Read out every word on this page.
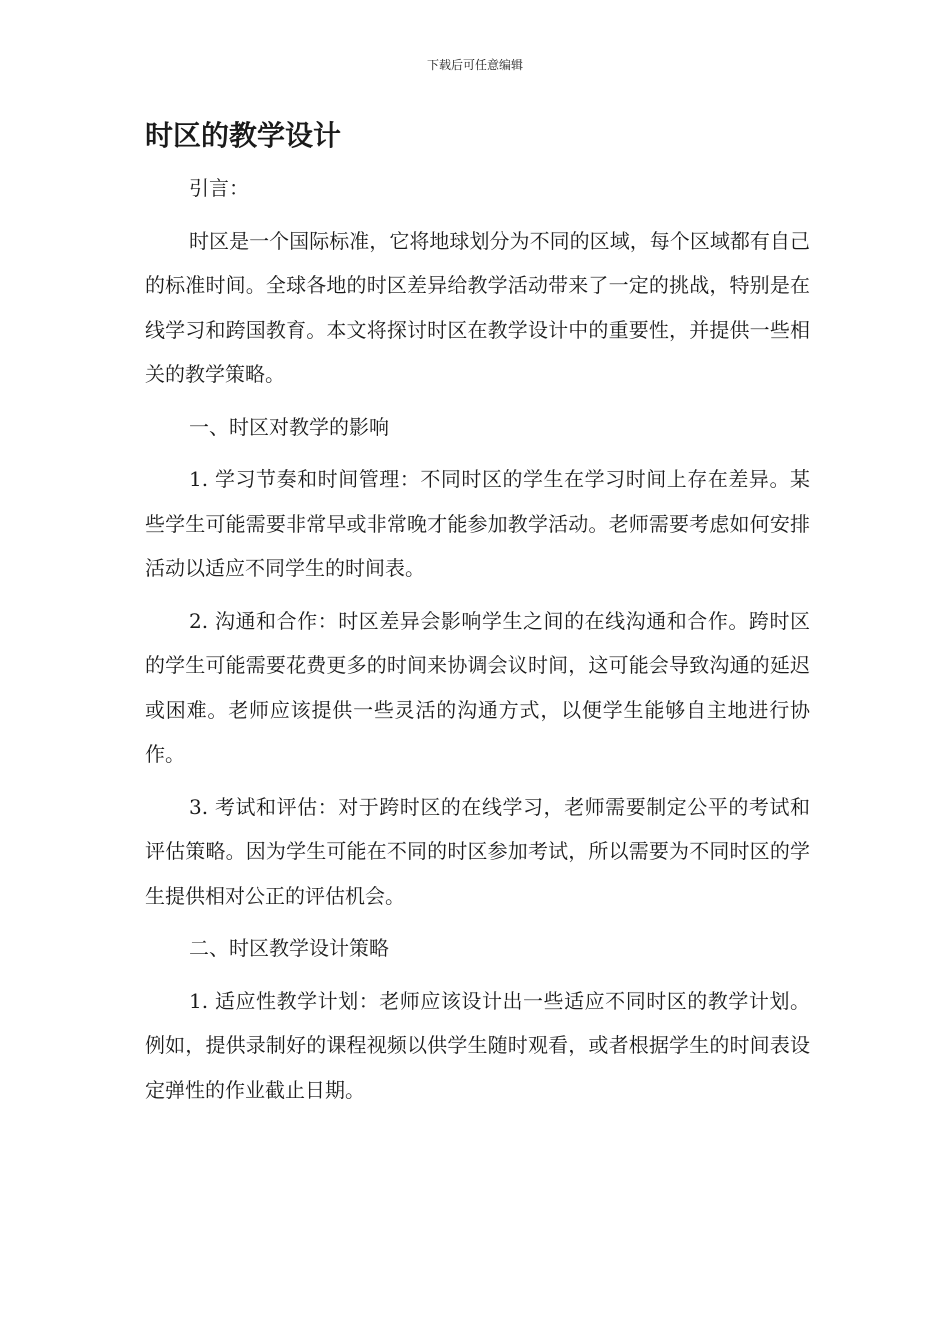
下载后可任意编辑
时区的教学设计

引言：

时区是一个国际标准，它将地球划分为不同的区域，每个区域都有自己的标准时间。全球各地的时区差异给教学活动带来了一定的挑战，特别是在线学习和跨国教育。本文将探讨时区在教学设计中的重要性，并提供一些相关的教学策略。

一、时区对教学的影响

1. 学习节奏和时间管理：不同时区的学生在学习时间上存在差异。某些学生可能需要非常早或非常晚才能参加教学活动。老师需要考虑如何安排活动以适应不同学生的时间表。

2. 沟通和合作：时区差异会影响学生之间的在线沟通和合作。跨时区的学生可能需要花费更多的时间来协调会议时间，这可能会导致沟通的延迟或困难。老师应该提供一些灵活的沟通方式，以便学生能够自主地进行协作。

3. 考试和评估：对于跨时区的在线学习，老师需要制定公平的考试和评估策略。因为学生可能在不同的时区参加考试，所以需要为不同时区的学生提供相对公正的评估机会。

二、时区教学设计策略

1. 适应性教学计划：老师应该设计出一些适应不同时区的教学计划。例如，提供录制好的课程视频以供学生随时观看，或者根据学生的时间表设定弹性的作业截止日期。
